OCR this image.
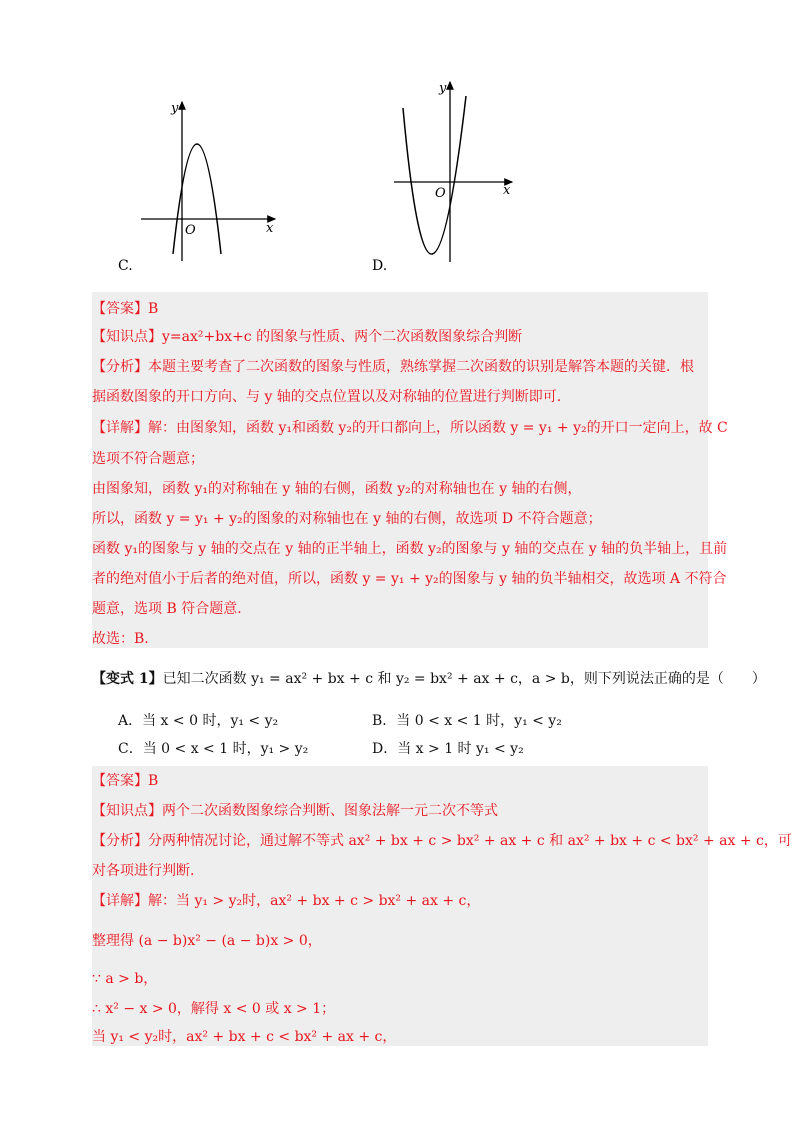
x
y
O
C.
x
y
O
D.
【答案】B
【知识点】y=ax²+bx+c 的图象与性质、两个二次函数图象综合判断
【分析】本题主要考查了二次函数的图象与性质，熟练掌握二次函数的识别是解答本题的关键．根
据函数图象的开口方向、与 y 轴的交点位置以及对称轴的位置进行判断即可.
【详解】解：由图象知，函数 y₁和函数 y₂的开口都向上，所以函数 y = y₁ + y₂的开口一定向上，故 C
选项不符合题意；
由图象知，函数 y₁的对称轴在 y 轴的右侧，函数 y₂的对称轴也在 y 轴的右侧，
所以，函数 y = y₁ + y₂的图象的对称轴也在 y 轴的右侧，故选项 D 不符合题意；
函数 y₁的图象与 y 轴的交点在 y 轴的正半轴上，函数 y₂的图象与 y 轴的交点在 y 轴的负半轴上，且前
者的绝对值小于后者的绝对值，所以，函数 y = y₁ + y₂的图象与 y 轴的负半轴相交，故选项 A 不符合
题意，选项 B 符合题意.
故选：B.
【变式 1】已知二次函数 y₁ = ax² + bx + c 和 y₂ = bx² + ax + c，a > b，则下列说法正确的是（　　）
A．当 x < 0 时，y₁ < y₂	B．当 0 < x < 1 时，y₁ < y₂
C．当 0 < x < 1 时，y₁ > y₂	D．当 x > 1 时 y₁ < y₂
【答案】B
【知识点】两个二次函数图象综合判断、图象法解一元二次不等式
【分析】分两种情况讨论，通过解不等式 ax² + bx + c > bx² + ax + c 和 ax² + bx + c < bx² + ax + c，可
对各项进行判断.
【详解】解：当 y₁ > y₂时，ax² + bx + c > bx² + ax + c，
整理得 (a − b)x² − (a − b)x > 0，
∵ a > b，
∴ x² − x > 0，解得 x < 0 或 x > 1；
当 y₁ < y₂时，ax² + bx + c < bx² + ax + c，
